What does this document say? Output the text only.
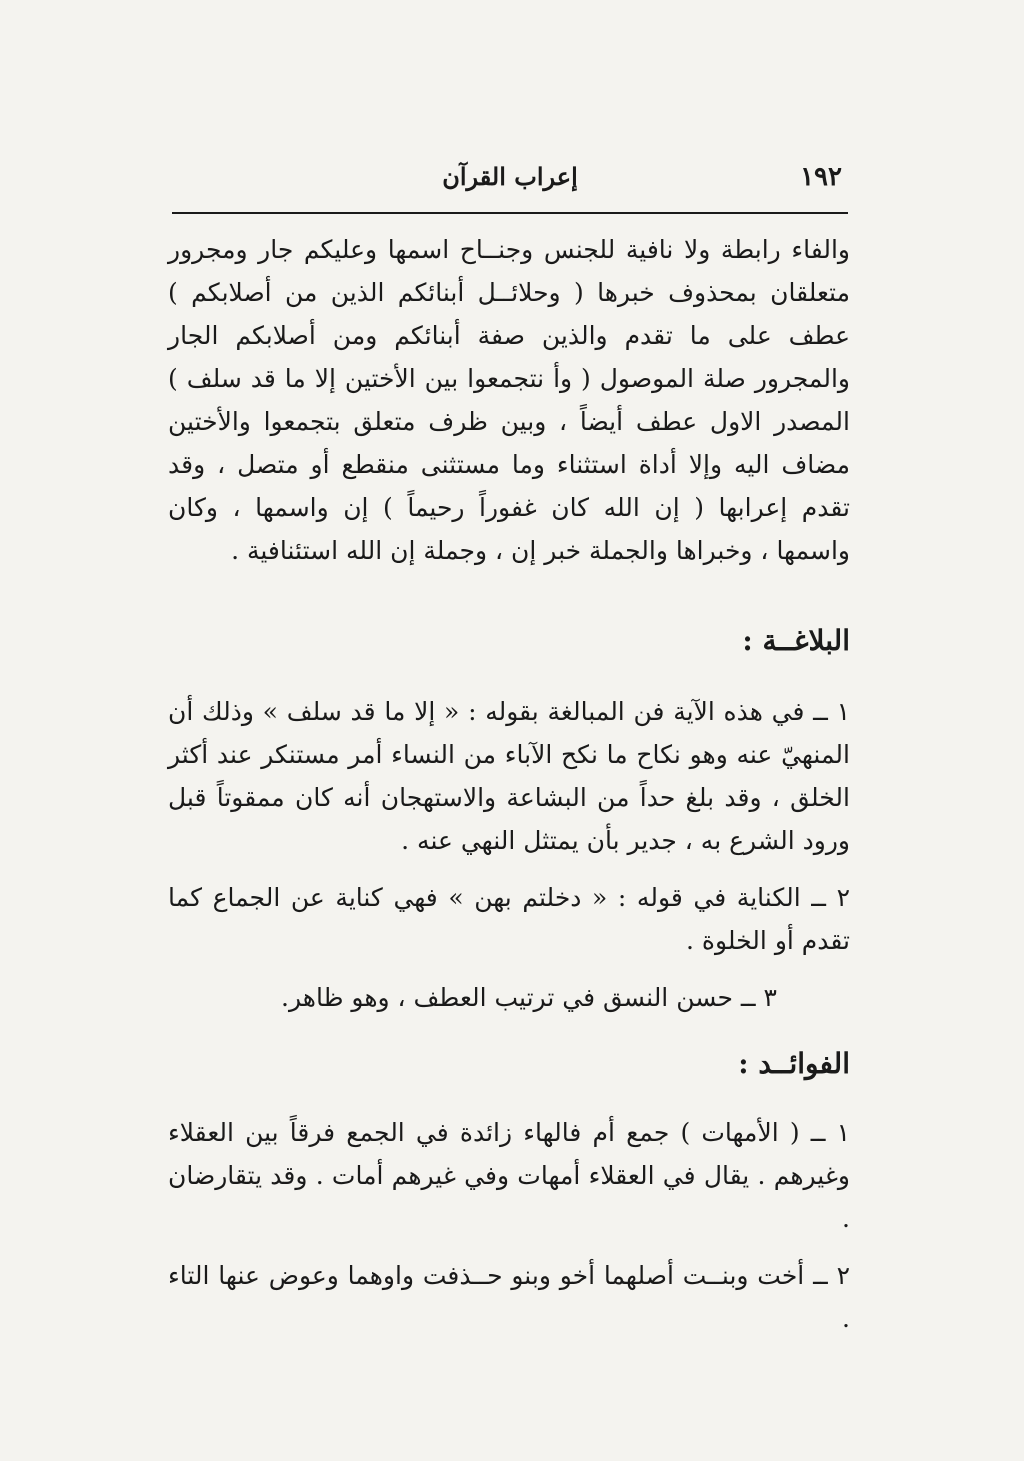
١٩٢
إعراب القرآن

والفاء رابطة ولا نافية للجنس وجنــاح اسمها وعليكم جار ومجرور متعلقان بمحذوف خبرها ( وحلائــل أبنائكم الذين من أصلابكم ) عطف على ما تقدم والذين صفة أبنائكم ومن أصلابكم الجار والمجرور صلة الموصول ( وأ نتجمعوا بين الأختين إلا ما قد سلف ) المصدر الاول عطف أيضاً ، وبين ظرف متعلق بتجمعوا والأختين مضاف اليه وإلا أداة استثناء وما مستثنى منقطع أو متصل ، وقد تقدم إعرابها ( إن الله كان غفوراً رحيماً ) إن واسمها ، وكان واسمها ، وخبراها والجملة خبر إن ، وجملة إن الله استئنافية .

البلاغــة :

١ ــ في هذه الآية فن المبالغة بقوله : « إلا ما قد سلف » وذلك أن المنهيّ عنه وهو نكاح ما نكح الآباء من النساء أمر مستنكر عند أكثر الخلق ، وقد بلغ حداً من البشاعة والاستهجان أنه كان ممقوتاً قبل ورود الشرع به ، جدير بأن يمتثل النهي عنه .

٢ ــ الكناية في قوله : « دخلتم بهن » فهي كناية عن الجماع كما تقدم أو الخلوة .

٣ ــ حسن النسق في ترتيب العطف ، وهو ظاهر.

الفوائــد :

١ ــ ( الأمهات ) جمع أم فالهاء زائدة في الجمع فرقاً بين العقلاء وغيرهم . يقال في العقلاء أمهات وفي غيرهم أمات . وقد يتقارضان .

٢ ــ أخت وبنــت أصلهما أخو وبنو حــذفت واوهما وعوض عنها التاء .
